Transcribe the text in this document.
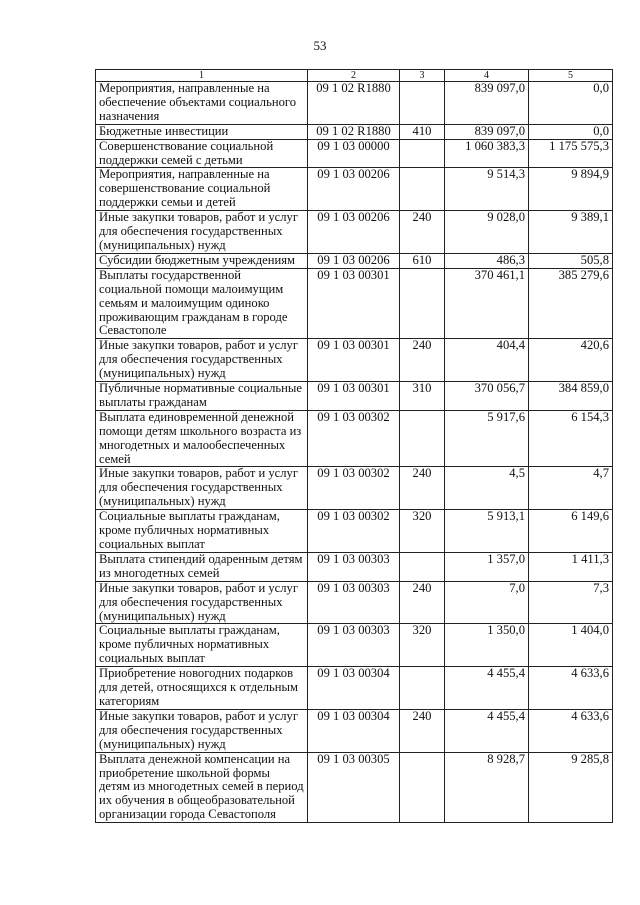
53
1	2	3	4	5
Мероприятия, направленные на обеспечение объектами социального назначения	09 1 02 R1880		839 097,0	0,0
Бюджетные инвестиции	09 1 02 R1880	410	839 097,0	0,0
Совершенствование социальной поддержки семей с детьми	09 1 03 00000		1 060 383,3	1 175 575,3
Мероприятия, направленные на совершенствование социальной поддержки семьи и детей	09 1 03 00206		9 514,3	9 894,9
Иные закупки товаров, работ и услуг для обеспечения государственных (муниципальных) нужд	09 1 03 00206	240	9 028,0	9 389,1
Субсидии бюджетным учреждениям	09 1 03 00206	610	486,3	505,8
Выплаты государственной социальной помощи малоимущим семьям и малоимущим одиноко проживающим гражданам в городе Севастополе	09 1 03 00301		370 461,1	385 279,6
Иные закупки товаров, работ и услуг для обеспечения государственных (муниципальных) нужд	09 1 03 00301	240	404,4	420,6
Публичные нормативные социальные выплаты гражданам	09 1 03 00301	310	370 056,7	384 859,0
Выплата единовременной денежной помощи детям школьного возраста из многодетных и малообеспеченных семей	09 1 03 00302		5 917,6	6 154,3
Иные закупки товаров, работ и услуг для обеспечения государственных (муниципальных) нужд	09 1 03 00302	240	4,5	4,7
Социальные выплаты гражданам, кроме публичных нормативных социальных выплат	09 1 03 00302	320	5 913,1	6 149,6
Выплата стипендий одаренным детям из многодетных семей	09 1 03 00303		1 357,0	1 411,3
Иные закупки товаров, работ и услуг для обеспечения государственных (муниципальных) нужд	09 1 03 00303	240	7,0	7,3
Социальные выплаты гражданам, кроме публичных нормативных социальных выплат	09 1 03 00303	320	1 350,0	1 404,0
Приобретение новогодних подарков для детей, относящихся к отдельным категориям	09 1 03 00304		4 455,4	4 633,6
Иные закупки товаров, работ и услуг для обеспечения государственных (муниципальных) нужд	09 1 03 00304	240	4 455,4	4 633,6
Выплата денежной компенсации на приобретение школьной формы детям из многодетных семей в период их обучения в общеобразовательной организации города Севастополя	09 1 03 00305		8 928,7	9 285,8
